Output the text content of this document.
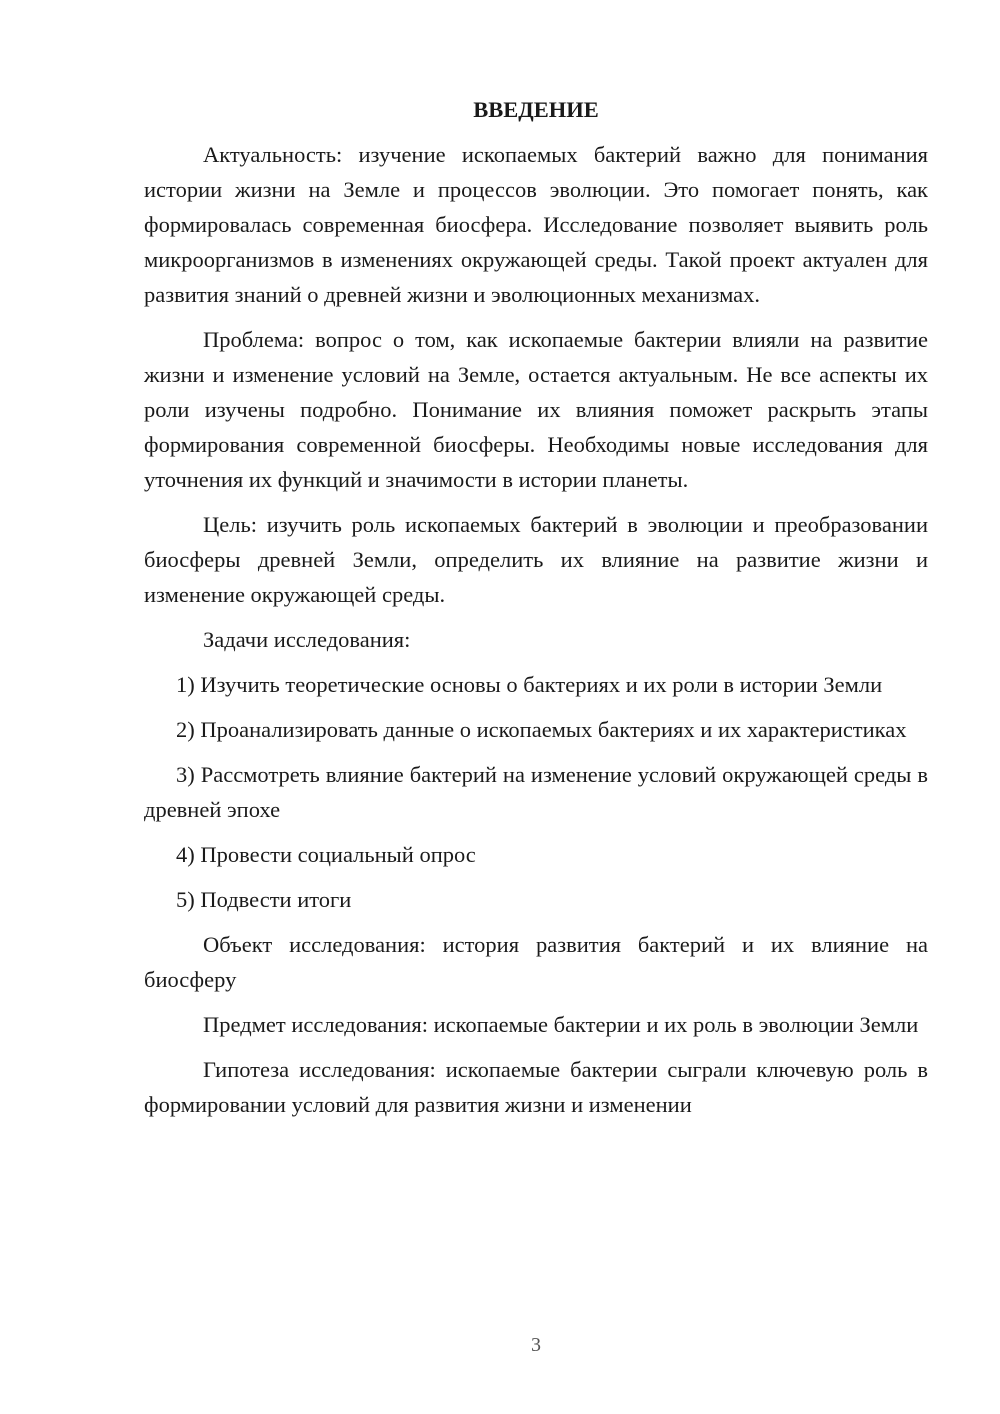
ВВЕДЕНИЕ
Актуальность: изучение ископаемых бактерий важно для понимания истории жизни на Земле и процессов эволюции. Это помогает понять, как формировалась современная биосфера. Исследование позволяет выявить роль микроорганизмов в изменениях окружающей среды. Такой проект актуален для развития знаний о древней жизни и эволюционных механизмах.
Проблема: вопрос о том, как ископаемые бактерии влияли на развитие жизни и изменение условий на Земле, остается актуальным. Не все аспекты их роли изучены подробно. Понимание их влияния поможет раскрыть этапы формирования современной биосферы. Необходимы новые исследования для уточнения их функций и значимости в истории планеты.
Цель: изучить роль ископаемых бактерий в эволюции и преобразовании биосферы древней Земли, определить их влияние на развитие жизни и изменение окружающей среды.
Задачи исследования:
1) Изучить теоретические основы о бактериях и их роли в истории Земли
2) Проанализировать данные о ископаемых бактериях и их характеристиках
3) Рассмотреть влияние бактерий на изменение условий окружающей среды в древней эпохе
4) Провести социальный опрос
5) Подвести итоги
Объект исследования: история развития бактерий и их влияние на биосферу
Предмет исследования: ископаемые бактерии и их роль в эволюции Земли
Гипотеза исследования: ископаемые бактерии сыграли ключевую роль в формировании условий для развития жизни и изменении
3
